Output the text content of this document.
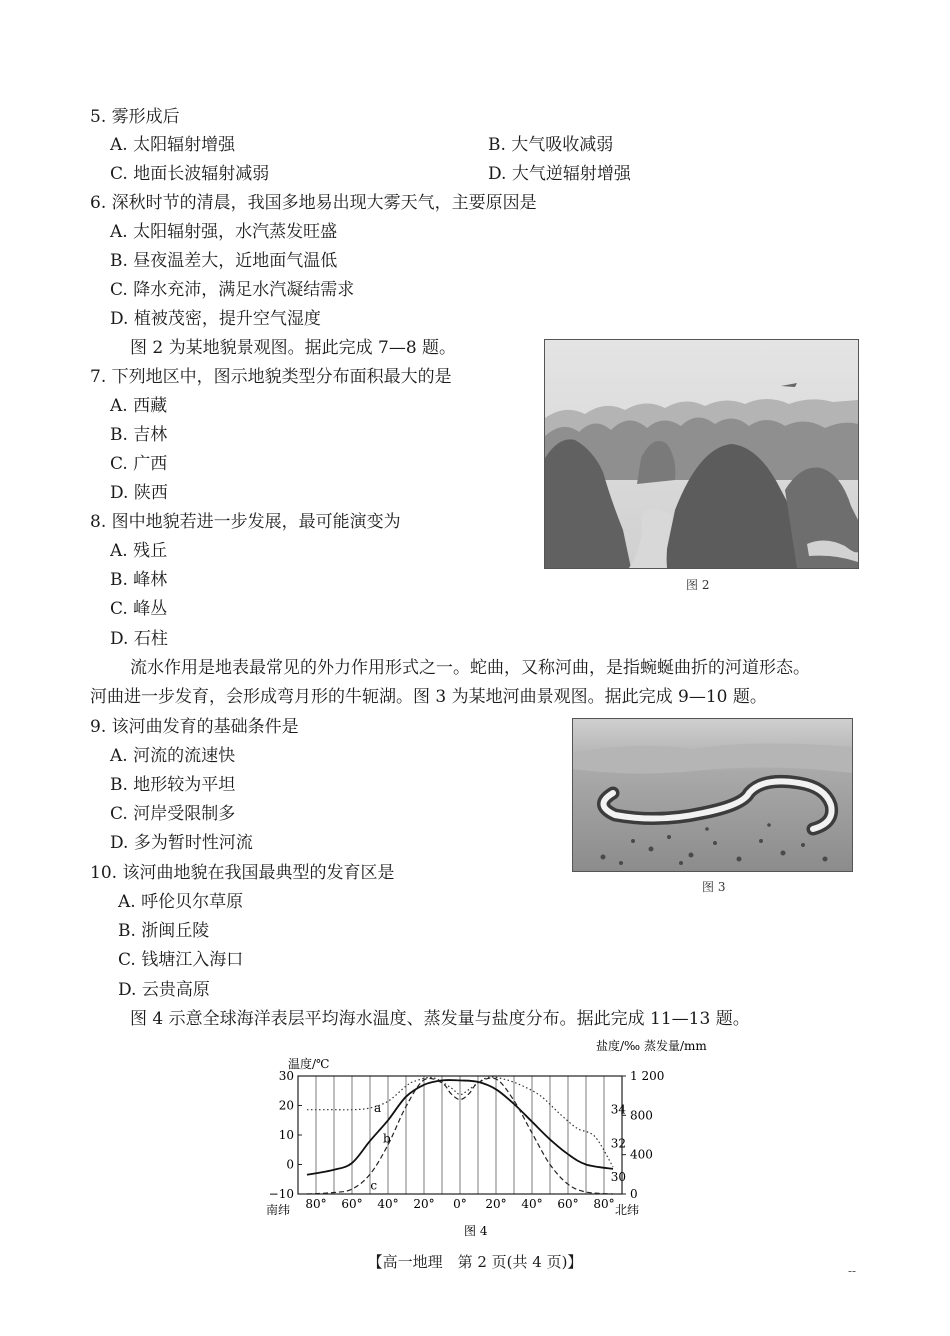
5. 雾形成后
A. 太阳辐射增强	B. 大气吸收减弱
C. 地面长波辐射减弱	D. 大气逆辐射增强
6. 深秋时节的清晨，我国多地易出现大雾天气，主要原因是
A. 太阳辐射强，水汽蒸发旺盛
B. 昼夜温差大，近地面气温低
C. 降水充沛，满足水汽凝结需求
D. 植被茂密，提升空气湿度
图 2 为某地貌景观图。据此完成 7—8 题。
7. 下列地区中，图示地貌类型分布面积最大的是
A. 西藏
B. 吉林
C. 广西
D. 陕西
8. 图中地貌若进一步发展，最可能演变为
A. 残丘
B. 峰林
C. 峰丛
D. 石柱
图 2
流水作用是地表最常见的外力作用形式之一。蛇曲，又称河曲，是指蜿蜒曲折的河道形态。
河曲进一步发育，会形成弯月形的牛轭湖。图 3 为某地河曲景观图。据此完成 9—10 题。
9. 该河曲发育的基础条件是
A. 河流的流速快
B. 地形较为平坦
C. 河岸受限制多
D. 多为暂时性河流
图 3
10. 该河曲地貌在我国最典型的发育区是
A. 呼伦贝尔草原
B. 浙闽丘陵
C. 钱塘江入海口
D. 云贵高原
图 4 示意全球海洋表层平均海水温度、蒸发量与盐度分布。据此完成 11—13 题。
80° 60° 40° 20° 0° 20° 40° 60° 80°
30
20
10
0
−10
34
32
30
1 200
800
400
0
a
b
c
温度/℃
盐度/‰ 蒸发量/mm
南纬	北纬
图 4
【高一地理　第 2 页(共 4 页)】	--
